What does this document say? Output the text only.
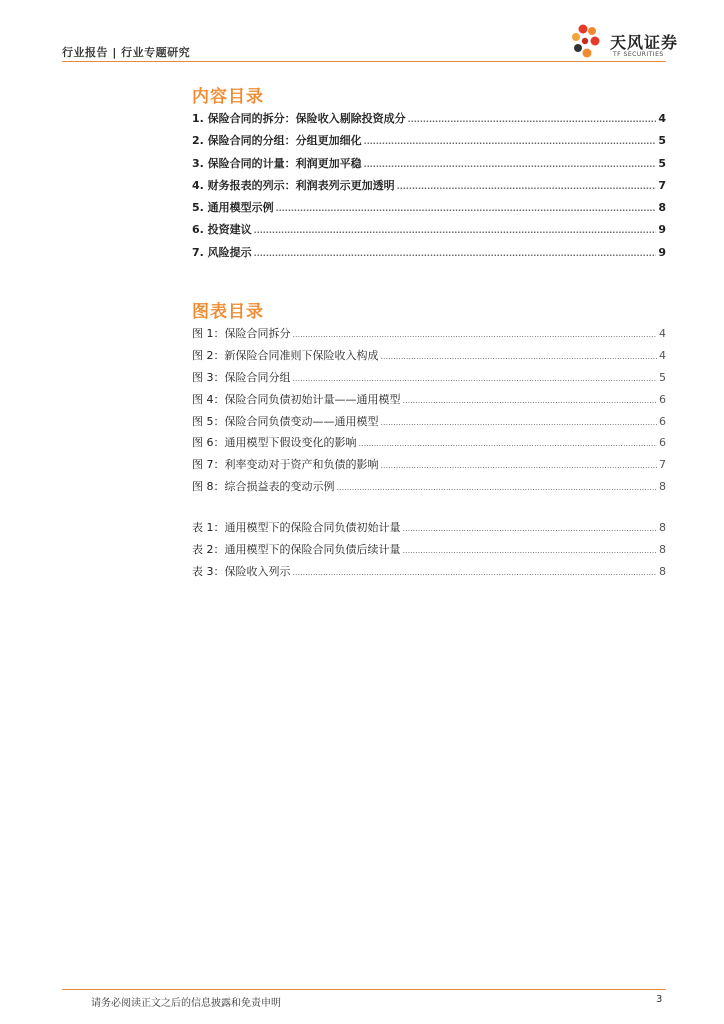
行业报告 | 行业专题研究
天风证券
TF SECURITIES
内容目录
1. 保险合同的拆分：保险收入剔除投资成分 .....	4
2. 保险合同的分组：分组更加细化 .....	5
3. 保险合同的计量：利润更加平稳 .....	5
4. 财务报表的列示：利润表列示更加透明 .....	7
5. 通用模型示例 .....	8
6. 投资建议 .....	9
7. 风险提示 .....	9
图表目录
图 1：保险合同拆分 .....	4
图 2：新保险合同准则下保险收入构成 .....	4
图 3：保险合同分组 .....	5
图 4：保险合同负债初始计量——通用模型 .....	6
图 5：保险合同负债变动——通用模型 .....	6
图 6：通用模型下假设变化的影响 .....	6
图 7：利率变动对于资产和负债的影响 .....	7
图 8：综合损益表的变动示例 .....	8
表 1：通用模型下的保险合同负债初始计量 .....	8
表 2：通用模型下的保险合同负债后续计量 .....	8
表 3：保险收入列示 .....	8
请务必阅读正文之后的信息披露和免责申明	3
